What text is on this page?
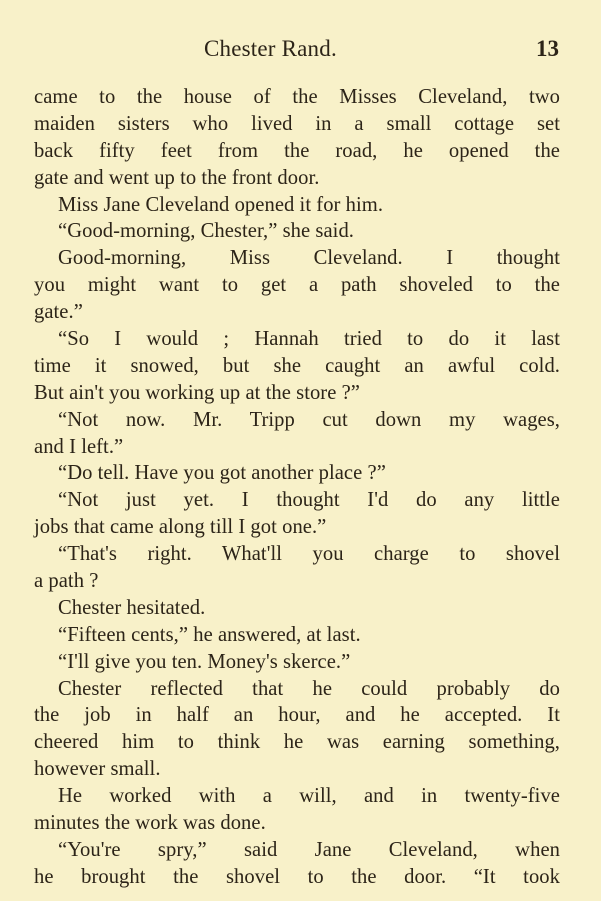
Chester Rand.	13
came to the house of the Misses Cleveland, two
maiden sisters who lived in a small cottage set
back fifty feet from the road, he opened the
gate and went up to the front door.
Miss Jane Cleveland opened it for him.
“Good-morning, Chester,” she said.
Good-morning, Miss Cleveland. I thought
you might want to get a path shoveled to the
gate.”
“So I would ; Hannah tried to do it last
time it snowed, but she caught an awful cold.
But ain't you working up at the store ?”
“Not now. Mr. Tripp cut down my wages,
and I left.”
“Do tell. Have you got another place ?”
“Not just yet. I thought I'd do any little
jobs that came along till I got one.”
“That's right. What'll you charge to shovel
a path ?
Chester hesitated.
“Fifteen cents,” he answered, at last.
“I'll give you ten. Money's skerce.”
Chester reflected that he could probably do
the job in half an hour, and he accepted. It
cheered him to think he was earning something,
however small.
He worked with a will, and in twenty-five
minutes the work was done.
“You're spry,” said Jane Cleveland, when
he brought the shovel to the door. “It took
